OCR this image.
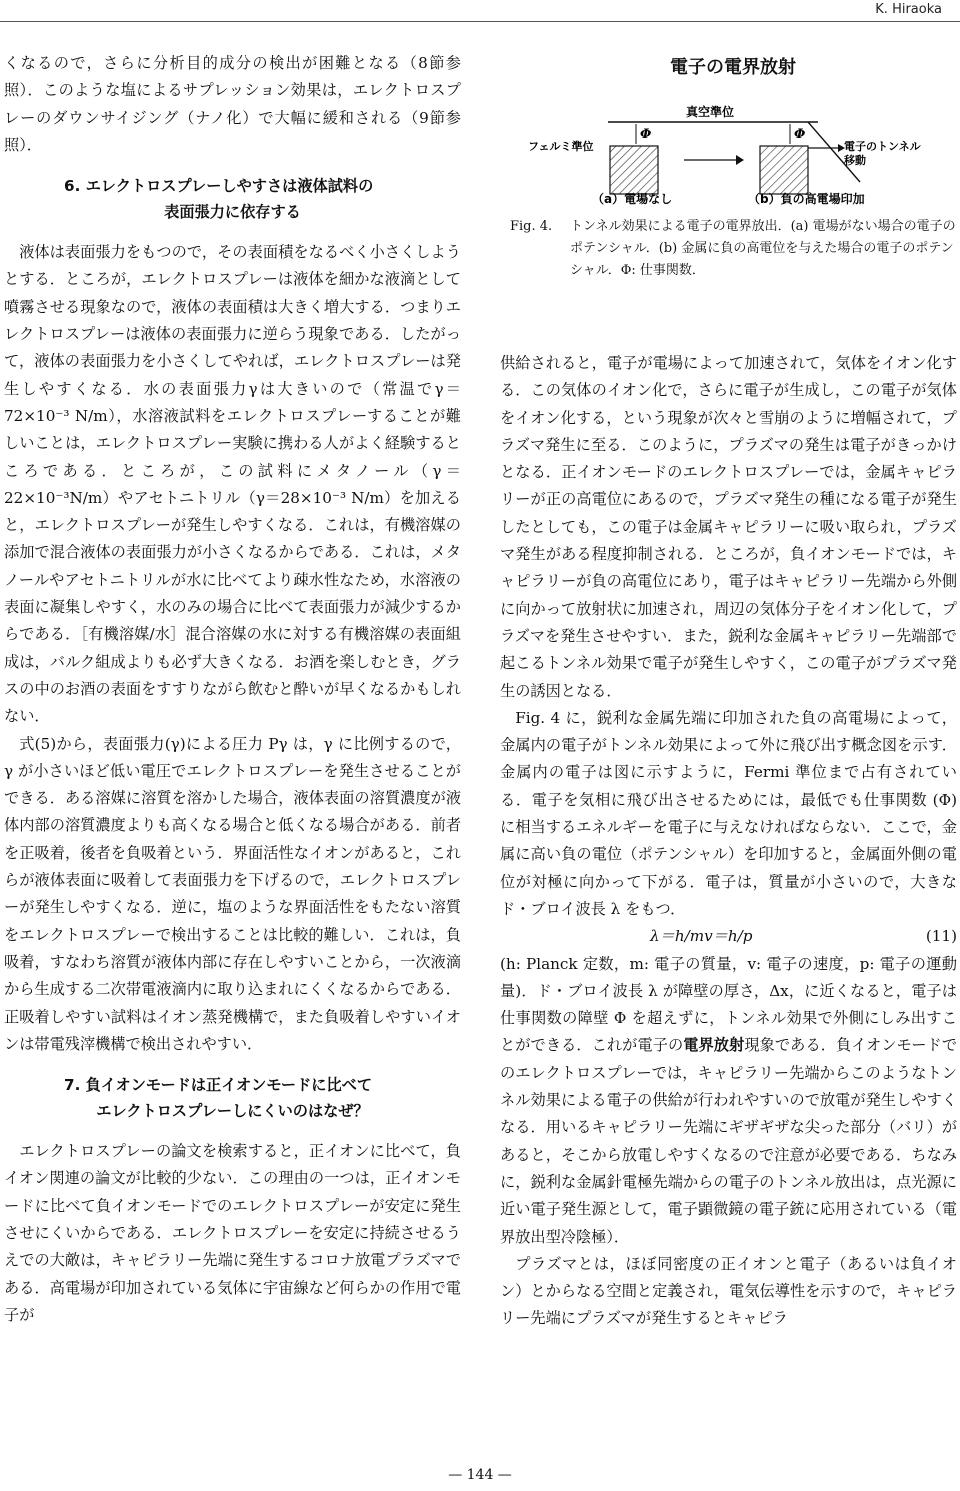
K. Hiraoka

くなるので，さらに分析目的成分の検出が困難となる（8節参照）．このような塩によるサプレッション効果は，エレクトロスプレーのダウンサイジング（ナノ化）で大幅に緩和される（9節参照）．

6. エレクトロスプレーしやすさは液体試料の
表面張力に依存する

液体は表面張力をもつので，その表面積をなるべく小さくしようとする．ところが，エレクトロスプレーは液体を細かな液滴として噴霧させる現象なので，液体の表面積は大きく増大する．つまりエレクトロスプレーは液体の表面張力に逆らう現象である．したがって，液体の表面張力を小さくしてやれば，エレクトロスプレーは発生しやすくなる．水の表面張力γは大きいので（常温でγ＝72×10⁻³ N/m），水溶液試料をエレクトロスプレーすることが難しいことは，エレクトロスプレー実験に携わる人がよく経験するところである．ところが，この試料にメタノール（γ＝22×10⁻³N/m）やアセトニトリル（γ＝28×10⁻³ N/m）を加えると，エレクトロスプレーが発生しやすくなる．これは，有機溶媒の添加で混合液体の表面張力が小さくなるからである．これは，メタノールやアセトニトリルが水に比べてより疎水性なため，水溶液の表面に凝集しやすく，水のみの場合に比べて表面張力が減少するからである．［有機溶媒/水］混合溶媒の水に対する有機溶媒の表面組成は，バルク組成よりも必ず大きくなる．お酒を楽しむとき，グラスの中のお酒の表面をすすりながら飲むと酔いが早くなるかもしれない．

式(5)から，表面張力(γ)による圧力 Pγ は，γ に比例するので，γ が小さいほど低い電圧でエレクトロスプレーを発生させることができる．ある溶媒に溶質を溶かした場合，液体表面の溶質濃度が液体内部の溶質濃度よりも高くなる場合と低くなる場合がある．前者を正吸着，後者を負吸着という．界面活性なイオンがあると，これらが液体表面に吸着して表面張力を下げるので，エレクトロスプレーが発生しやすくなる．逆に，塩のような界面活性をもたない溶質をエレクトロスプレーで検出することは比較的難しい．これは，負吸着，すなわち溶質が液体内部に存在しやすいことから，一次液滴から生成する二次帯電液滴内に取り込まれにくくなるからである．正吸着しやすい試料はイオン蒸発機構で，また負吸着しやすいイオンは帯電残滓機構で検出されやすい．

7. 負イオンモードは正イオンモードに比べて
エレクトロスプレーしにくいのはなぜ？

エレクトロスプレーの論文を検索すると，正イオンに比べて，負イオン関連の論文が比較的少ない．この理由の一つは，正イオンモードに比べて負イオンモードでのエレクトロスプレーが安定に発生させにくいからである．エレクトロスプレーを安定に持続させるうえでの大敵は，キャピラリー先端に発生するコロナ放電プラズマである．高電場が印加されている気体に宇宙線など何らかの作用で電子が

電子の電界放射
真空準位
フェルミ準位
Φ	Φ
電子のトンネル
移動
（a）電場なし	（b）負の高電場印加
Fig. 4.	トンネル効果による電子の電界放出．(a) 電場がない場合の電子のポテンシャル．(b) 金属に負の高電位を与えた場合の電子のポテンシャル．Φ: 仕事関数．

供給されると，電子が電場によって加速されて，気体をイオン化する．この気体のイオン化で，さらに電子が生成し，この電子が気体をイオン化する，という現象が次々と雪崩のように増幅されて，プラズマ発生に至る．このように，プラズマの発生は電子がきっかけとなる．正イオンモードのエレクトロスプレーでは，金属キャピラリーが正の高電位にあるので，プラズマ発生の種になる電子が発生したとしても，この電子は金属キャピラリーに吸い取られ，プラズマ発生がある程度抑制される．ところが，負イオンモードでは，キャピラリーが負の高電位にあり，電子はキャピラリー先端から外側に向かって放射状に加速され，周辺の気体分子をイオン化して，プラズマを発生させやすい．また，鋭利な金属キャピラリー先端部で起こるトンネル効果で電子が発生しやすく，この電子がプラズマ発生の誘因となる．

Fig. 4 に，鋭利な金属先端に印加された負の高電場によって，金属内の電子がトンネル効果によって外に飛び出す概念図を示す．金属内の電子は図に示すように，Fermi 準位まで占有されている．電子を気相に飛び出させるためには，最低でも仕事関数 (Φ) に相当するエネルギーを電子に与えなければならない．ここで，金属に高い負の電位（ポテンシャル）を印加すると，金属面外側の電位が対極に向かって下がる．電子は，質量が小さいので，大きなド・ブロイ波長 λ をもつ．

λ＝h/mv＝h/p	(11)

(h: Planck 定数，m: 電子の質量，v: 電子の速度，p: 電子の運動量)．ド・ブロイ波長 λ が障壁の厚さ，Δx，に近くなると，電子は仕事関数の障壁 Φ を超えずに，トンネル効果で外側にしみ出すことができる．これが電子の電界放射現象である．負イオンモードでのエレクトロスプレーでは，キャピラリー先端からこのようなトンネル効果による電子の供給が行われやすいので放電が発生しやすくなる．用いるキャピラリー先端にギザギザな尖った部分（バリ）があると，そこから放電しやすくなるので注意が必要である．ちなみに，鋭利な金属針電極先端からの電子のトンネル放出は，点光源に近い電子発生源として，電子顕微鏡の電子銃に応用されている（電界放出型冷陰極）．

プラズマとは，ほぼ同密度の正イオンと電子（あるいは負イオン）とからなる空間と定義され，電気伝導性を示すので，キャピラリー先端にプラズマが発生するとキャピラ

— 144 —
